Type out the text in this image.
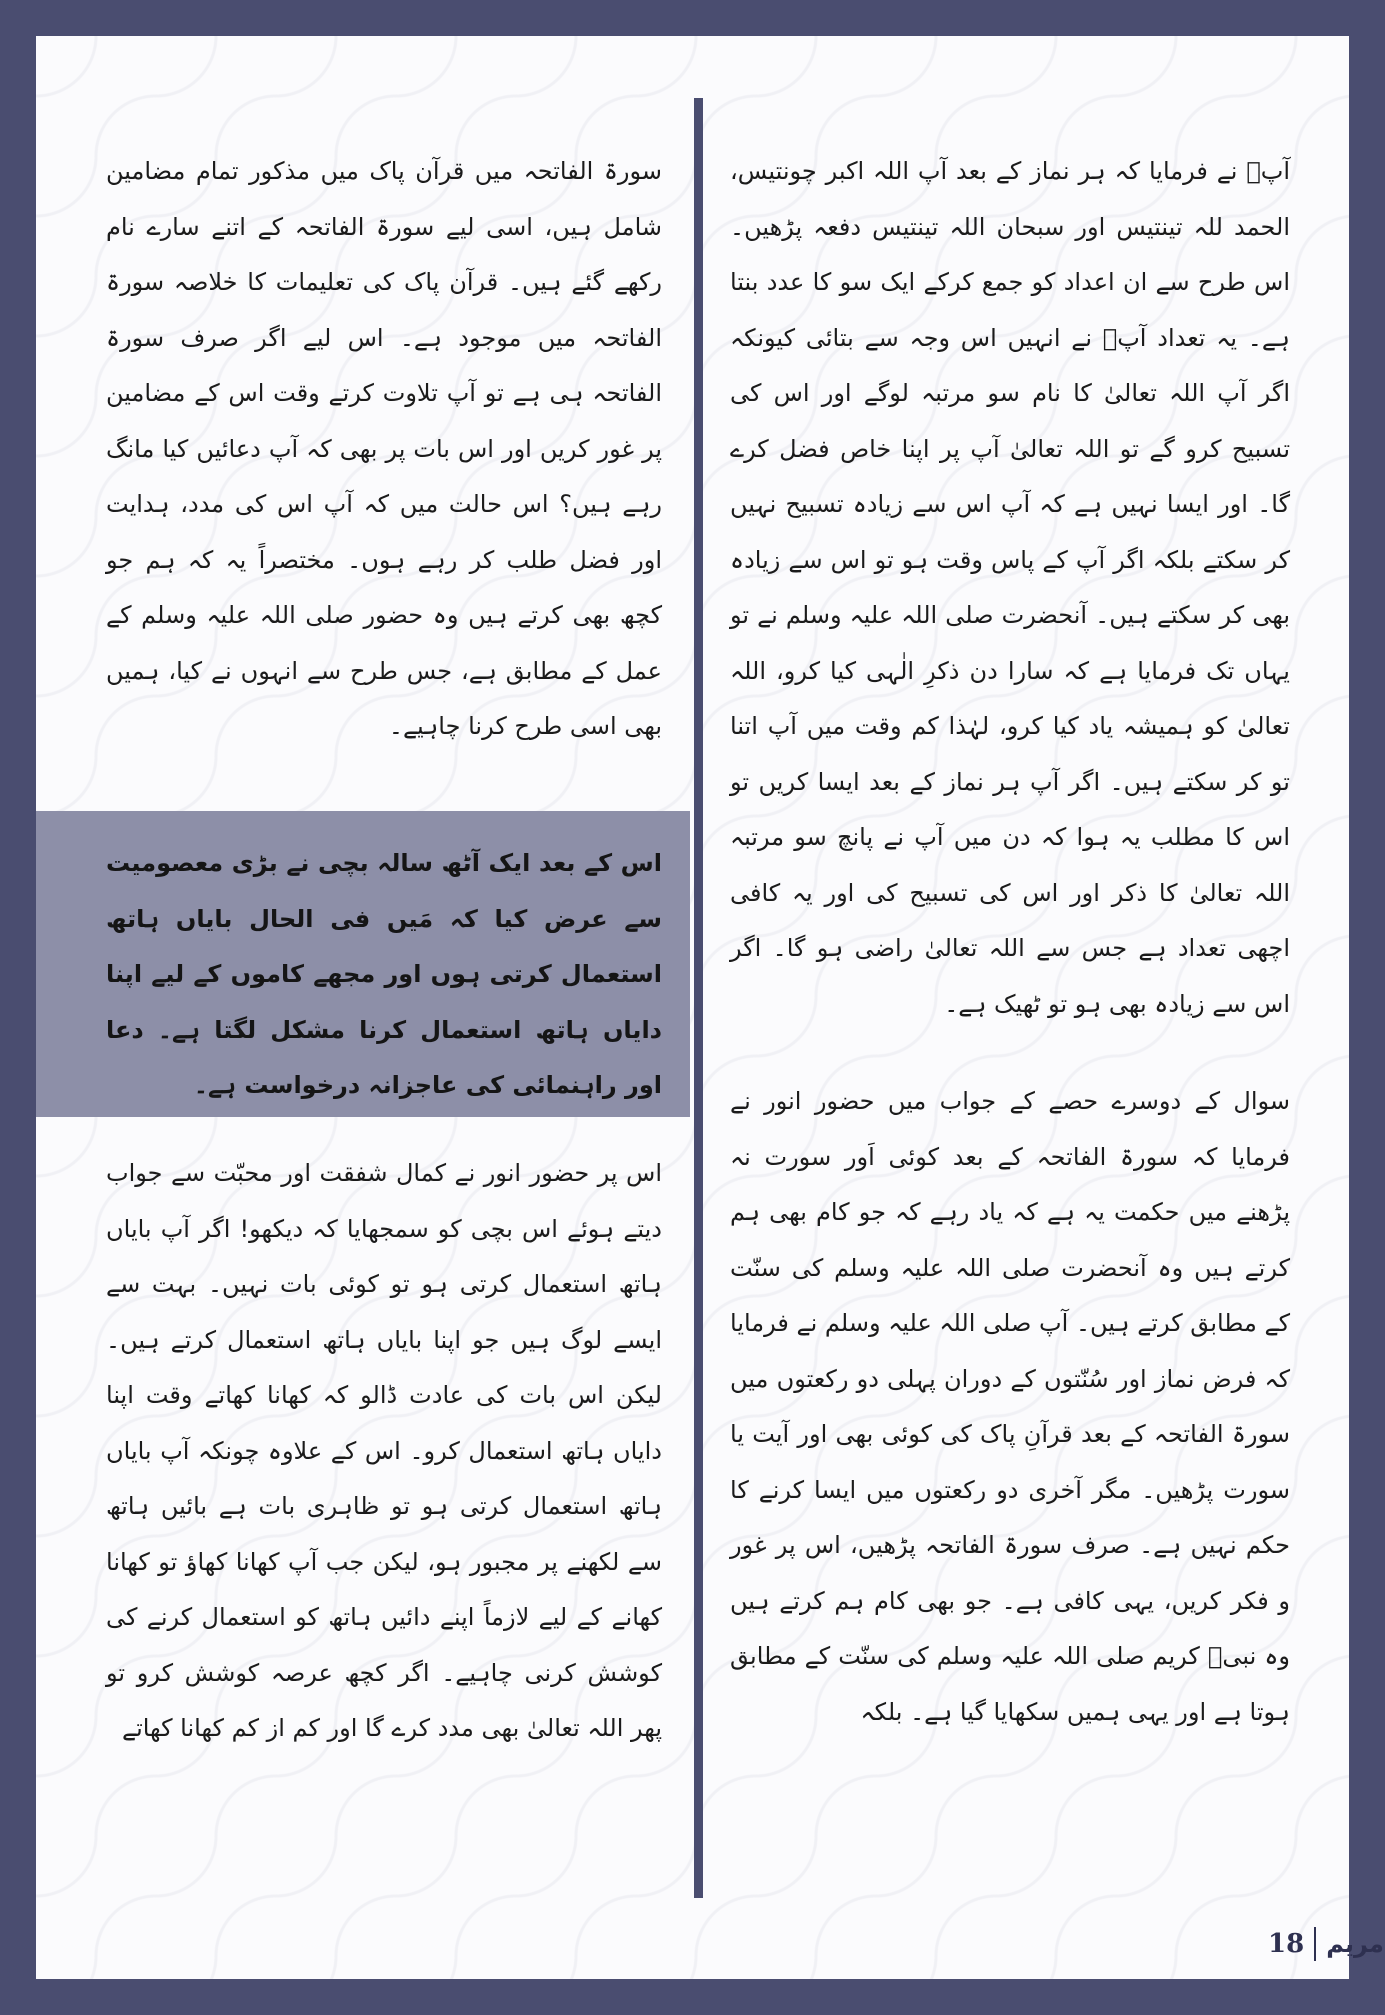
آپؑ نے فرمایا کہ ہر نماز کے بعد آپ اللہ اکبر چونتیس، الحمد للہ تینتیس اور سبحان اللہ تینتیس دفعہ پڑھیں۔ اس طرح سے ان اعداد کو جمع کرکے ایک سو کا عدد بنتا ہے۔ یہ تعداد آپؑ نے انہیں اس وجہ سے بتائی کیونکہ اگر آپ اللہ تعالیٰ کا نام سو مرتبہ لوگے اور اس کی تسبیح کرو گے تو اللہ تعالیٰ آپ پر اپنا خاص فضل کرے گا۔ اور ایسا نہیں ہے کہ آپ اس سے زیادہ تسبیح نہیں کر سکتے بلکہ اگر آپ کے پاس وقت ہو تو اس سے زیادہ بھی کر سکتے ہیں۔ آنحضرت صلی اللہ علیہ وسلم نے تو یہاں تک فرمایا ہے کہ سارا دن ذکرِ الٰہی کیا کرو، اللہ تعالیٰ کو ہمیشہ یاد کیا کرو، لہٰذا کم وقت میں آپ اتنا تو کر سکتے ہیں۔ اگر آپ ہر نماز کے بعد ایسا کریں تو اس کا مطلب یہ ہوا کہ دن میں آپ نے پانچ سو مرتبہ اللہ تعالیٰ کا ذکر اور اس کی تسبیح کی اور یہ کافی اچھی تعداد ہے جس سے اللہ تعالیٰ راضی ہو گا۔ اگر اس سے زیادہ بھی ہو تو ٹھیک ہے۔

سوال کے دوسرے حصے کے جواب میں حضور انور نے فرمایا کہ سورۃ الفاتحہ کے بعد کوئی اَور سورت نہ پڑھنے میں حکمت یہ ہے کہ یاد رہے کہ جو کام بھی ہم کرتے ہیں وہ آنحضرت صلی اللہ علیہ وسلم کی سنّت کے مطابق کرتے ہیں۔ آپ صلی اللہ علیہ وسلم نے فرمایا کہ فرض نماز اور سُنّتوں کے دوران پہلی دو رکعتوں میں سورۃ الفاتحہ کے بعد قرآنِ پاک کی کوئی بھی اور آیت یا سورت پڑھیں۔ مگر آخری دو رکعتوں میں ایسا کرنے کا حکم نہیں ہے۔ صرف سورۃ الفاتحہ پڑھیں، اس پر غور و فکر کریں، یہی کافی ہے۔ جو بھی کام ہم کرتے ہیں وہ نبیؐ کریم صلی اللہ علیہ وسلم کی سنّت کے مطابق ہوتا ہے اور یہی ہمیں سکھایا گیا ہے۔ بلکہ

سورۃ الفاتحہ میں قرآن پاک میں مذکور تمام مضامین شامل ہیں، اسی لیے سورۃ الفاتحہ کے اتنے سارے نام رکھے گئے ہیں۔ قرآن پاک کی تعلیمات کا خلاصہ سورۃ الفاتحہ میں موجود ہے۔ اس لیے اگر صرف سورۃ الفاتحہ ہی ہے تو آپ تلاوت کرتے وقت اس کے مضامین پر غور کریں اور اس بات پر بھی کہ آپ دعائیں کیا مانگ رہے ہیں؟ اس حالت میں کہ آپ اس کی مدد، ہدایت اور فضل طلب کر رہے ہوں۔ مختصراً یہ کہ ہم جو کچھ بھی کرتے ہیں وہ حضور صلی اللہ علیہ وسلم کے عمل کے مطابق ہے، جس طرح سے انہوں نے کیا، ہمیں بھی اسی طرح کرنا چاہیے۔

اس کے بعد ایک آٹھ سالہ بچی نے بڑی معصومیت سے عرض کیا کہ مَیں فی الحال بایاں ہاتھ استعمال کرتی ہوں اور مجھے کاموں کے لیے اپنا دایاں ہاتھ استعمال کرنا مشکل لگتا ہے۔ دعا اور راہنمائی کی عاجزانہ درخواست ہے۔

اس پر حضور انور نے کمال شفقت اور محبّت سے جواب دیتے ہوئے اس بچی کو سمجھایا کہ دیکھو! اگر آپ بایاں ہاتھ استعمال کرتی ہو تو کوئی بات نہیں۔ بہت سے ایسے لوگ ہیں جو اپنا بایاں ہاتھ استعمال کرتے ہیں۔ لیکن اس بات کی عادت ڈالو کہ کھانا کھاتے وقت اپنا دایاں ہاتھ استعمال کرو۔ اس کے علاوہ چونکہ آپ بایاں ہاتھ استعمال کرتی ہو تو ظاہری بات ہے بائیں ہاتھ سے لکھنے پر مجبور ہو، لیکن جب آپ کھانا کھاؤ تو کھانا کھانے کے لیے لازماً اپنے دائیں ہاتھ کو استعمال کرنے کی کوشش کرنی چاہیے۔ اگر کچھ عرصہ کوشش کرو تو پھر اللہ تعالیٰ بھی مدد کرے گا اور کم از کم کھانا کھاتے

18 مریم
